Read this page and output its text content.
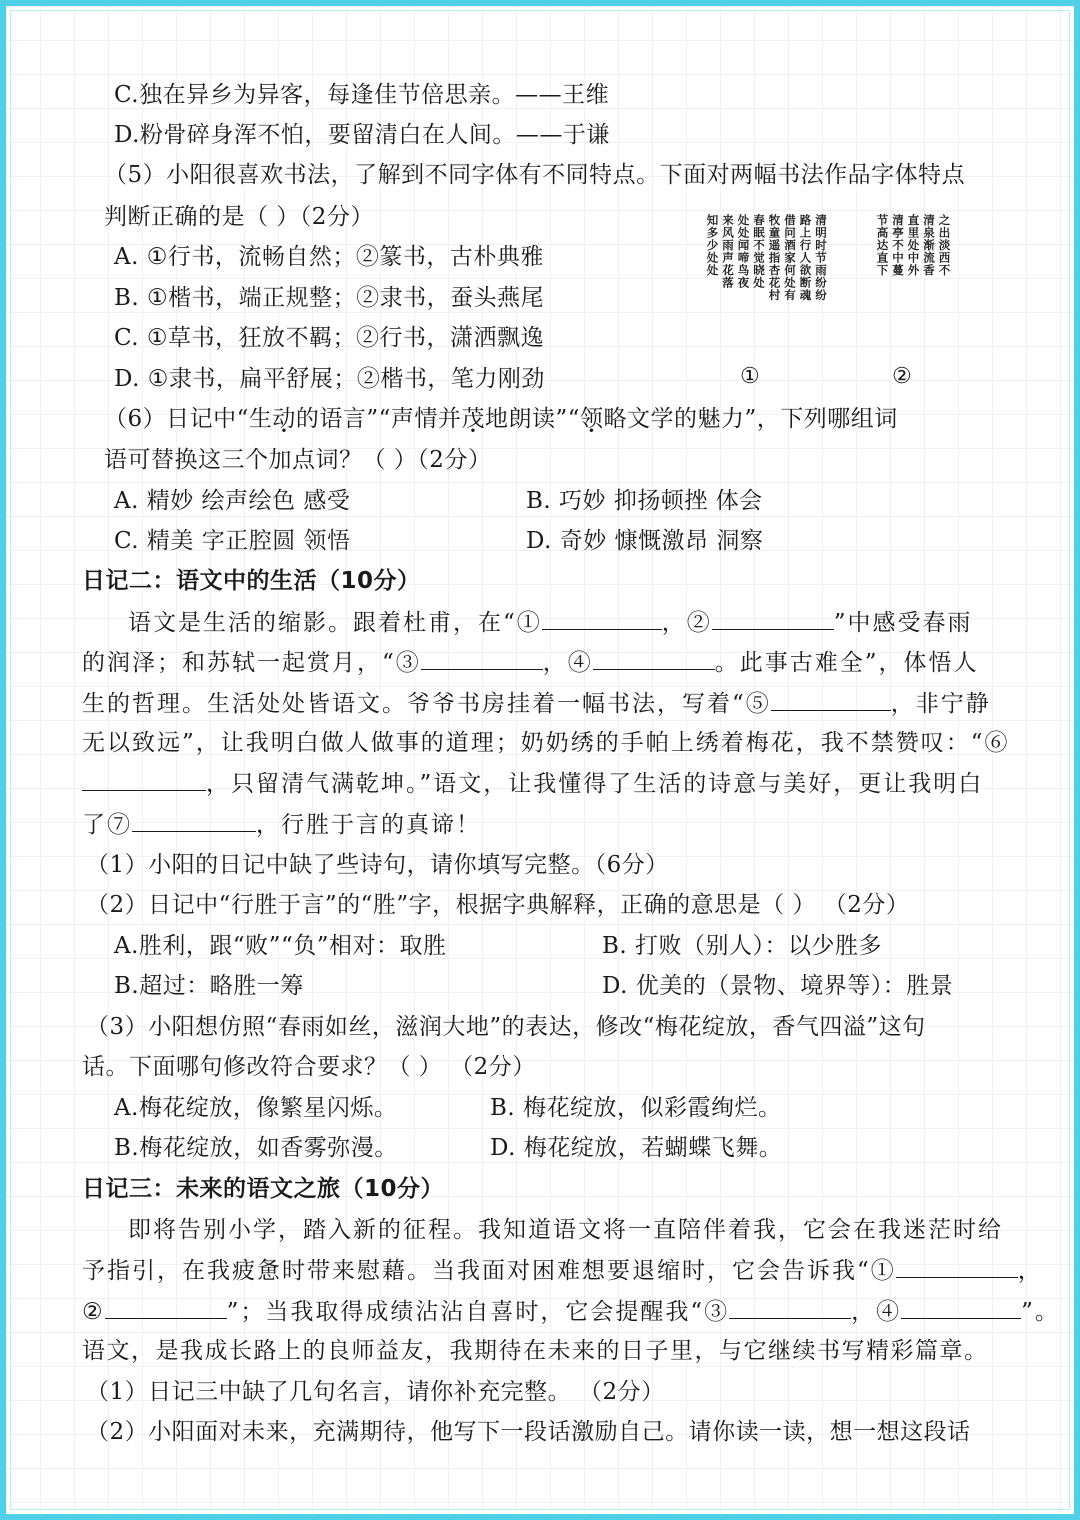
C.独在异乡为异客，每逢佳节倍思亲。——王维
D.粉骨碎身浑不怕，要留清白在人间。——于谦
（5）小阳很喜欢书法，了解到不同字体有不同特点。下面对两幅书法作品字体特点
判断正确的是（ ）（2分）
A. ①行书，流畅自然；②篆书，古朴典雅
B. ①楷书，端正规整；②隶书，蚕头燕尾
C. ①草书，狂放不羁；②行书，潇洒飘逸
D. ①隶书，扁平舒展；②楷书，笔力刚劲
知多少处处 来风雨声花落 处处闻啼鸟夜 春眠不觉晓处 牧童遥指杏花村 借问酒家何处有 路上行人欲断魂 清明时节雨纷纷	节高达直下 清亭不中蔓 直里处中外 清泉渐流香 之出淡西不
①	②
（6）日记中“生动的语言”“声情并茂地朗读”“领略文学的魅力”，下列哪组词
语可替换这三个加点词？（ ）（2分）
A. 精妙 绘声绘色 感受	B. 巧妙 抑扬顿挫 体会
C. 精美 字正腔圆 领悟	D. 奇妙 慷慨激昂 洞察
日记二：语文中的生活（10分）
语文是生活的缩影。跟着杜甫，在“①	，②	”中感受春雨
的润泽；和苏轼一起赏月，“③	，④	。此事古难全”，体悟人
生的哲理。生活处处皆语文。爷爷书房挂着一幅书法，写着“⑤	，非宁静
无以致远”，让我明白做人做事的道理；奶奶绣的手帕上绣着梅花，我不禁赞叹：“⑥
，只留清气满乾坤。”语文，让我懂得了生活的诗意与美好，更让我明白
了⑦	，行胜于言的真谛！
（1）小阳的日记中缺了些诗句，请你填写完整。（6分）
（2）日记中“行胜于言”的“胜”字，根据字典解释，正确的意思是（ ） （2分）
A.胜利，跟“败”“负”相对：取胜	B. 打败（别人）：以少胜多
B.超过：略胜一筹	D. 优美的（景物、境界等）：胜景
（3）小阳想仿照“春雨如丝，滋润大地”的表达，修改“梅花绽放，香气四溢”这句
话。下面哪句修改符合要求？（ ） （2分）
A.梅花绽放，像繁星闪烁。	B. 梅花绽放，似彩霞绚烂。
B.梅花绽放，如香雾弥漫。	D. 梅花绽放，若蝴蝶飞舞。
日记三：未来的语文之旅（10分）
即将告别小学，踏入新的征程。我知道语文将一直陪伴着我，它会在我迷茫时给
予指引，在我疲惫时带来慰藉。当我面对困难想要退缩时，它会告诉我“①	，
②	”；当我取得成绩沾沾自喜时，它会提醒我“③	，④	”。
语文，是我成长路上的良师益友，我期待在未来的日子里，与它继续书写精彩篇章。
（1）日记三中缺了几句名言，请你补充完整。 （2分）
（2）小阳面对未来，充满期待，他写下一段话激励自己。请你读一读，想一想这段话
